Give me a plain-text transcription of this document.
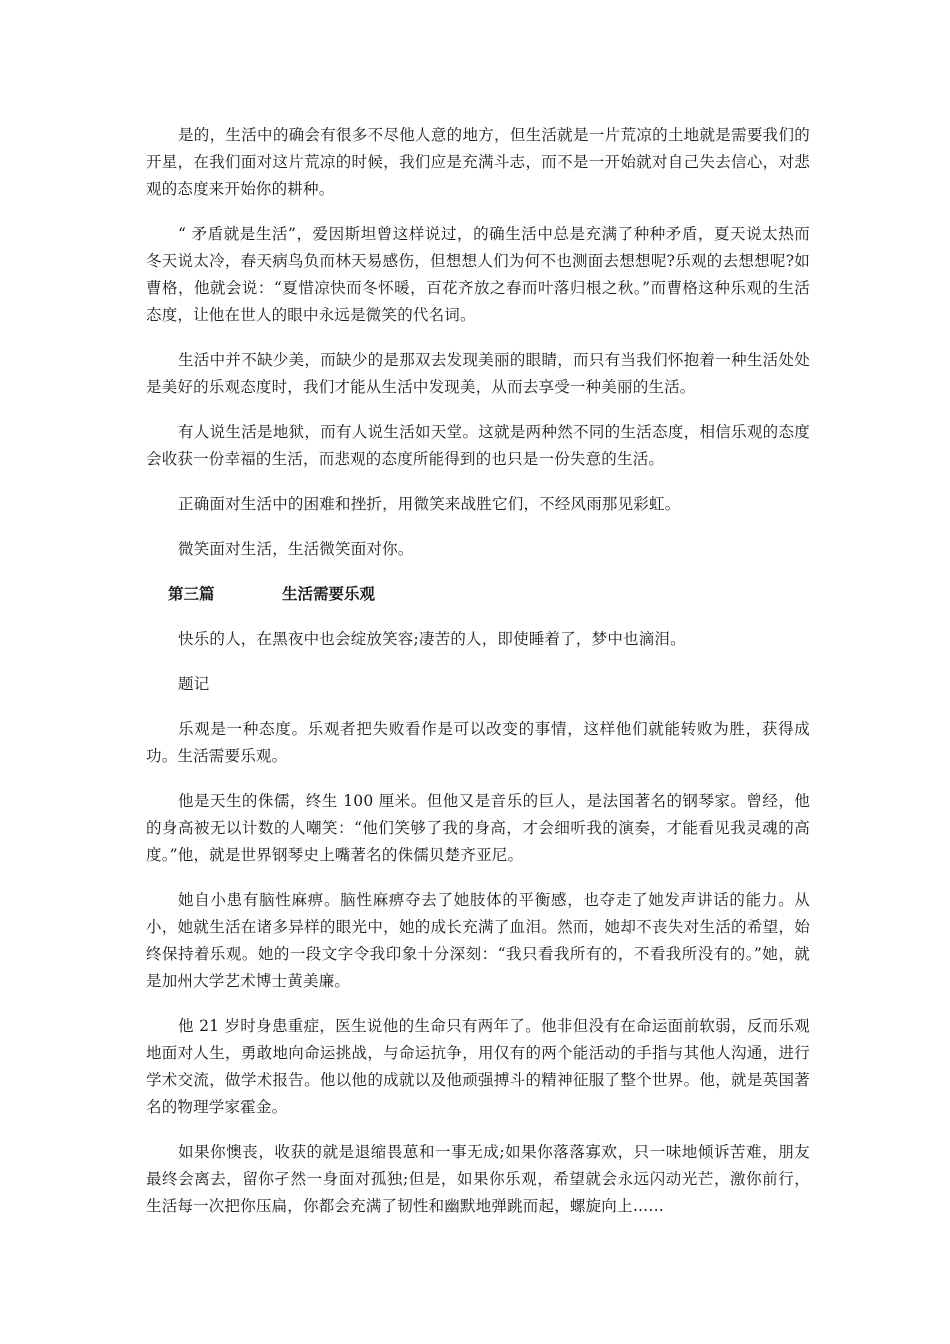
是的，生活中的确会有很多不尽他人意的地方，但生活就是一片荒凉的土地就是需要我们的开星，在我们面对这片荒凉的时候，我们应是充满斗志，而不是一开始就对自己失去信心，对悲观的态度来开始你的耕种。

“ 矛盾就是生活”，爱因斯坦曾这样说过，的确生活中总是充满了种种矛盾，夏天说太热而冬天说太冷，春天病鸟负而林天易感伤，但想想人们为何不也测面去想想呢?乐观的去想想呢?如曹格，他就会说：“夏惜凉快而冬怀暖，百花齐放之春而叶落归根之秋。”而曹格这种乐观的生活态度，让他在世人的眼中永远是微笑的代名词。

生活中并不缺少美，而缺少的是那双去发现美丽的眼睛，而只有当我们怀抱着一种生活处处是美好的乐观态度时，我们才能从生活中发现美，从而去享受一种美丽的生活。

有人说生活是地狱，而有人说生活如天堂。这就是两种然不同的生活态度，相信乐观的态度会收获一份幸福的生活，而悲观的态度所能得到的也只是一份失意的生活。

正确面对生活中的困难和挫折，用微笑来战胜它们，不经风雨那见彩虹。

微笑面对生活，生活微笑面对你。

第三篇	生活需要乐观

快乐的人，在黑夜中也会绽放笑容;凄苦的人，即使睡着了，梦中也滴泪。

题记

乐观是一种态度。乐观者把失败看作是可以改变的事情，这样他们就能转败为胜，获得成功。生活需要乐观。

他是天生的侏儒，终生 100 厘米。但他又是音乐的巨人，是法国著名的钢琴家。曾经，他的身高被无以计数的人嘲笑：“他们笑够了我的身高，才会细听我的演奏，才能看见我灵魂的高度。”他，就是世界钢琴史上嘴著名的侏儒贝楚齐亚尼。

她自小患有脑性麻痹。脑性麻痹夺去了她肢体的平衡感，也夺走了她发声讲话的能力。从小，她就生活在诸多异样的眼光中，她的成长充满了血泪。然而，她却不丧失对生活的希望，始终保持着乐观。她的一段文字令我印象十分深刻：“我只看我所有的，不看我所没有的。”她，就是加州大学艺术博士黄美廉。

他 21 岁时身患重症，医生说他的生命只有两年了。他非但没有在命运面前软弱，反而乐观地面对人生，勇敢地向命运挑战，与命运抗争，用仅有的两个能活动的手指与其他人沟通，进行学术交流，做学术报告。他以他的成就以及他顽强搏斗的精神征服了整个世界。他，就是英国著名的物理学家霍金。

如果你懊丧，收获的就是退缩畏葸和一事无成;如果你落落寡欢，只一味地倾诉苦难，朋友最终会离去，留你孑然一身面对孤独;但是，如果你乐观，希望就会永远闪动光芒，激你前行，生活每一次把你压扁，你都会充满了韧性和幽默地弹跳而起，螺旋向上……
